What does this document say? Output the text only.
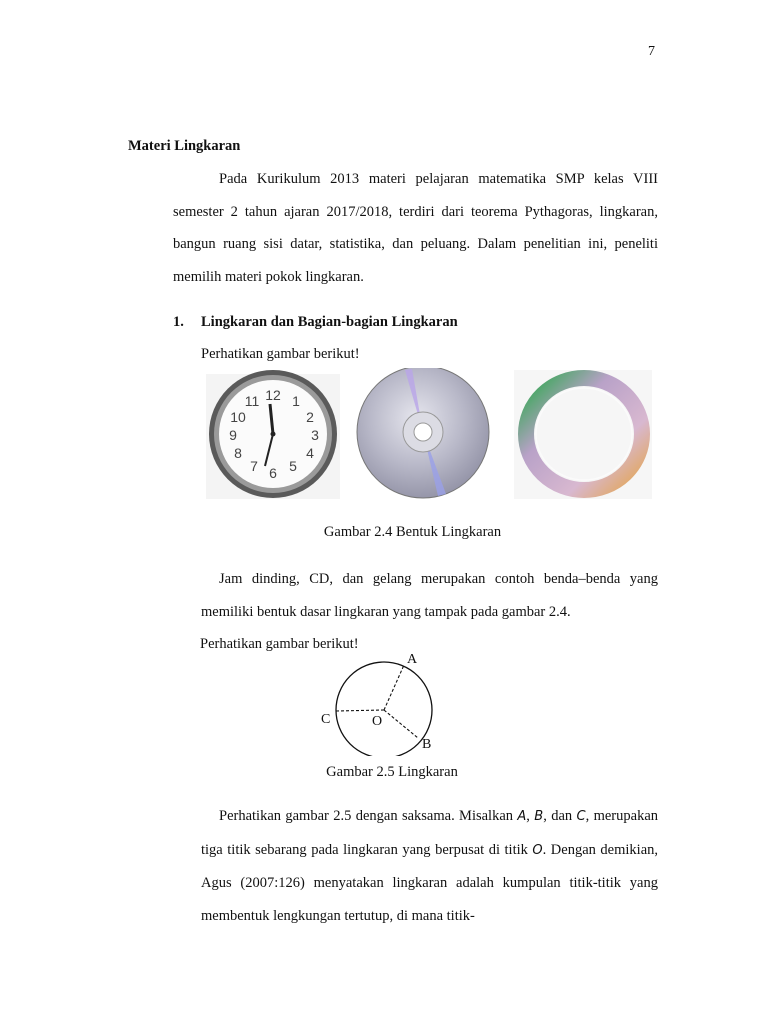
7
Materi Lingkaran

Pada Kurikulum 2013 materi pelajaran matematika SMP kelas VIII semester 2 tahun ajaran 2017/2018, terdiri dari teorema Pythagoras, lingkaran, bangun ruang sisi datar, statistika, dan peluang. Dalam penelitian ini, peneliti memilih materi pokok lingkaran.

1. Lingkaran dan Bagian-bagian Lingkaran
Perhatikan gambar berikut!
12 1
2
3
4
5
6
7
8
9
10
11
Gambar 2.4 Bentuk Lingkaran

Jam dinding, CD, dan gelang merupakan contoh benda–benda yang memiliki bentuk dasar lingkaran yang tampak pada gambar 2.4.

Perhatikan gambar berikut!
A
B
C	O
Gambar 2.5 Lingkaran

Perhatikan gambar 2.5 dengan saksama. Misalkan A, B, dan C, merupakan tiga titik sebarang pada lingkaran yang berpusat di titik O. Dengan demikian, Agus (2007:126) menyatakan lingkaran adalah kumpulan titik-titik yang membentuk lengkungan tertutup, di mana titik-
